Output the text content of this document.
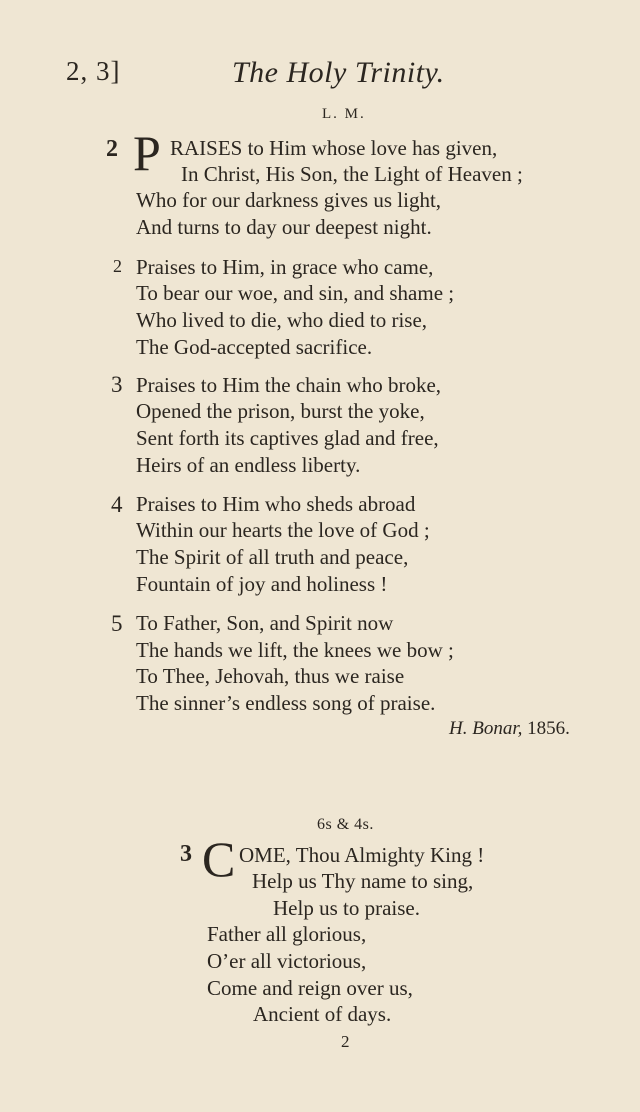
2, 3]	The Holy Trinity.
L. M.
2 P RAISES to Him whose love has given,
In Christ, His Son, the Light of Heaven ;
Who for our darkness gives us light,
And turns to day our deepest night.
2 Praises to Him, in grace who came,
To bear our woe, and sin, and shame ;
Who lived to die, who died to rise,
The God-accepted sacrifice.
3 Praises to Him the chain who broke,
Opened the prison, burst the yoke,
Sent forth its captives glad and free,
Heirs of an endless liberty.
4 Praises to Him who sheds abroad
Within our hearts the love of God ;
The Spirit of all truth and peace,
Fountain of joy and holiness !
5 To Father, Son, and Spirit now
The hands we lift, the knees we bow ;
To Thee, Jehovah, thus we raise
The sinner’s endless song of praise.
H. Bonar, 1856.
6s & 4s.
3 C OME, Thou Almighty King !
Help us Thy name to sing,
Help us to praise.
Father all glorious,
O’er all victorious,
Come and reign over us,
Ancient of days.
2
